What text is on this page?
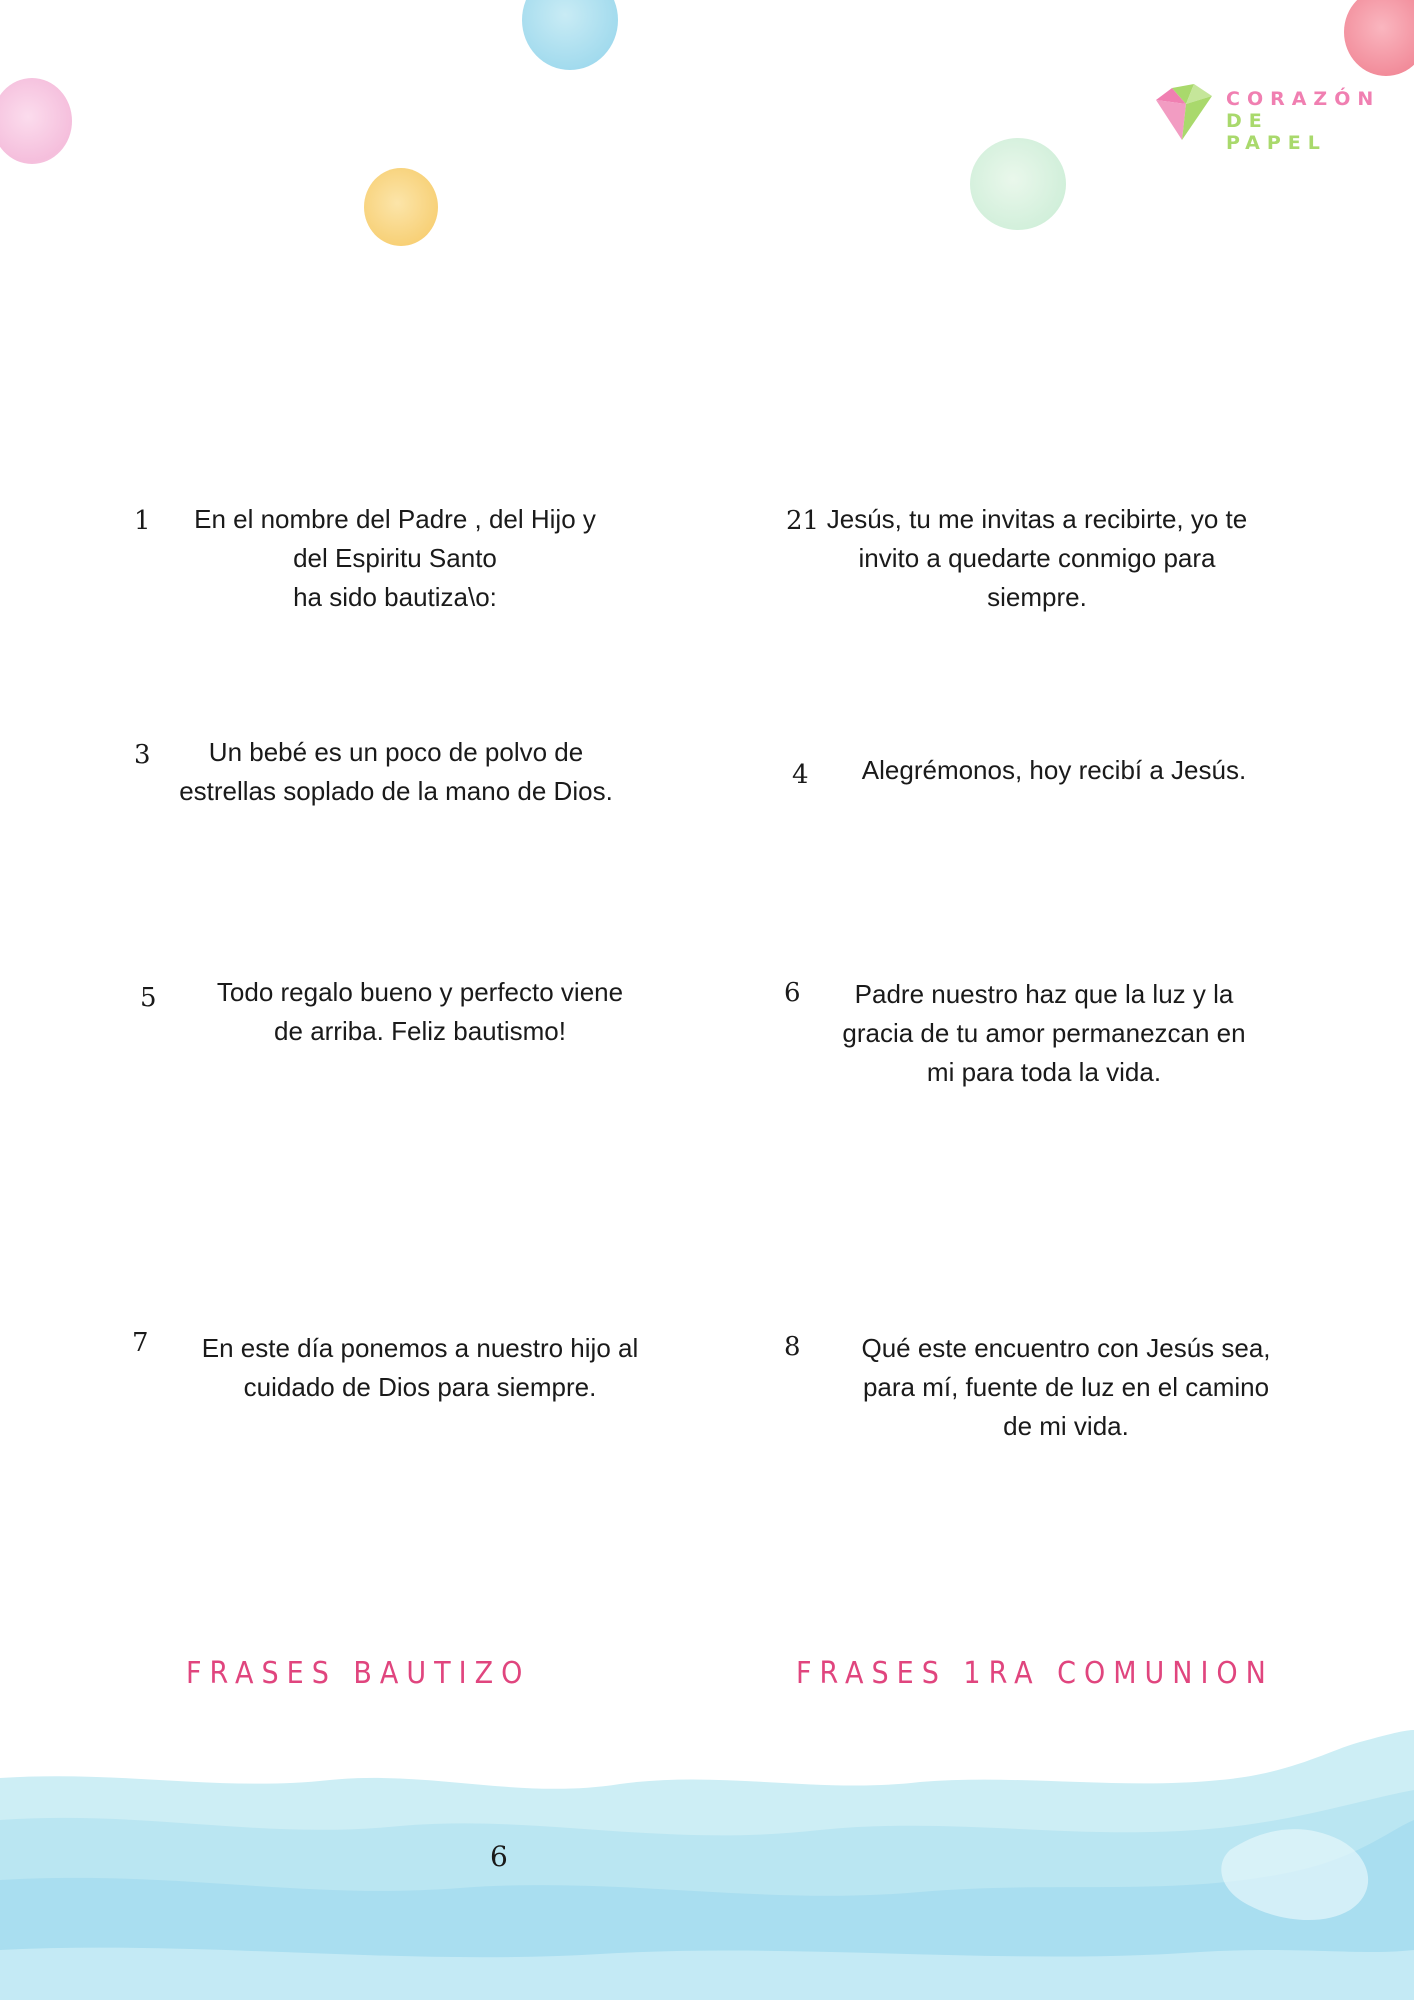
CORAZÓN
DE PAPEL
1	En el nombre del Padre , del Hijo y
del Espiritu Santo
ha sido bautiza\o:
21 Jesús, tu me invitas a recibirte, yo te
invito a quedarte conmigo para
siempre.
3	Un bebé es un poco de polvo de
estrellas soplado de la mano de Dios.
4	Alegrémonos, hoy recibí a Jesús.
5	Todo regalo bueno y perfecto viene
de arriba. Feliz bautismo!
6	Padre nuestro haz que la luz y la
gracia de tu amor permanezcan en
mi para toda la vida.
7	En este día ponemos a nuestro hijo al
cuidado de Dios para siempre.
8	Qué este encuentro con Jesús sea,
para mí, fuente de luz en el camino
de mi vida.
FRASES BAUTIZO	FRASES 1RA COMUNION
6
